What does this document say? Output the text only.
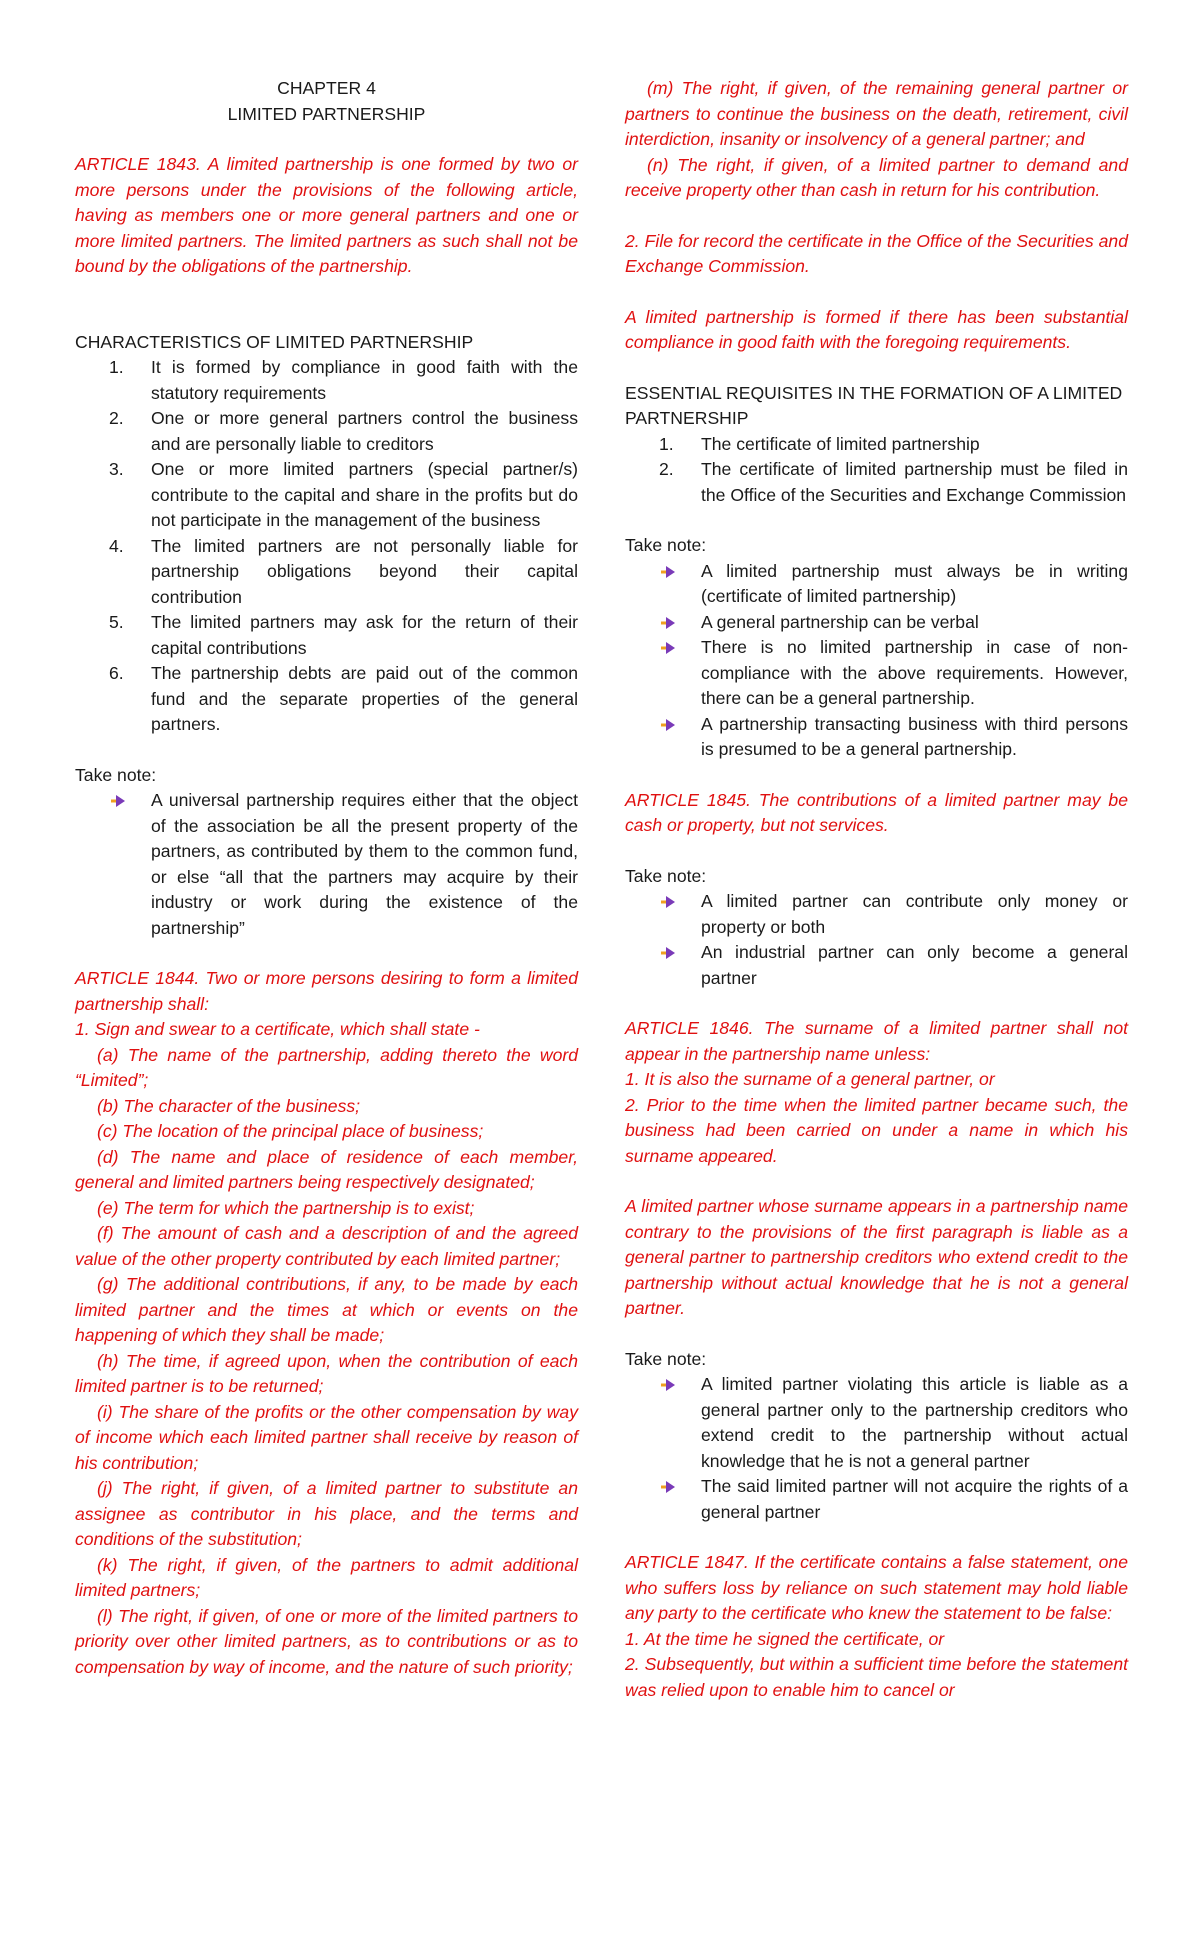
CHAPTER 4

LIMITED PARTNERSHIP

ARTICLE 1843. A limited partnership is one formed by two or more persons under the provisions of the following article, having as members one or more general partners and one or more limited partners. The limited partners as such shall not be bound by the obligations of the partnership.

CHARACTERISTICS OF LIMITED PARTNERSHIP

1. It is formed by compliance in good faith with the statutory requirements
2. One or more general partners control the business and are personally liable to creditors
3. One or more limited partners (special partner/s) contribute to the capital and share in the profits but do not participate in the management of the business
4. The limited partners are not personally liable for partnership obligations beyond their capital contribution
5. The limited partners may ask for the return of their capital contributions
6. The partnership debts are paid out of the common fund and the separate properties of the general partners.

Take note:

A universal partnership requires either that the object of the association be all the present property of the partners, as contributed by them to the common fund, or else “all that the partners may acquire by their industry or work during the existence of the partnership”

ARTICLE 1844. Two or more persons desiring to form a limited partnership shall:

1. Sign and swear to a certificate, which shall state -

(a) The name of the partnership, adding thereto the word “Limited”;

(b) The character of the business;

(c) The location of the principal place of business;

(d) The name and place of residence of each member, general and limited partners being respectively designated;

(e) The term for which the partnership is to exist;

(f) The amount of cash and a description of and the agreed value of the other property contributed by each limited partner;

(g) The additional contributions, if any, to be made by each limited partner and the times at which or events on the happening of which they shall be made;

(h) The time, if agreed upon, when the contribution of each limited partner is to be returned;

(i) The share of the profits or the other compensation by way of income which each limited partner shall receive by reason of his contribution;

(j) The right, if given, of a limited partner to substitute an assignee as contributor in his place, and the terms and conditions of the substitution;

(k) The right, if given, of the partners to admit additional limited partners;

(l) The right, if given, of one or more of the limited partners to priority over other limited partners, as to contributions or as to compensation by way of income, and the nature of such priority;

(m) The right, if given, of the remaining general partner or partners to continue the business on the death, retirement, civil interdiction, insanity or insolvency of a general partner; and

(n) The right, if given, of a limited partner to demand and receive property other than cash in return for his contribution.

2. File for record the certificate in the Office of the Securities and Exchange Commission.

A limited partnership is formed if there has been substantial compliance in good faith with the foregoing requirements.

ESSENTIAL REQUISITES IN THE FORMATION OF A LIMITED PARTNERSHIP

1. The certificate of limited partnership
2. The certificate of limited partnership must be filed in the Office of the Securities and Exchange Commission

Take note:

A limited partnership must always be in writing (certificate of limited partnership)
A general partnership can be verbal
There is no limited partnership in case of non-compliance with the above requirements. However, there can be a general partnership.
A partnership transacting business with third persons is presumed to be a general partnership.

ARTICLE 1845. The contributions of a limited partner may be cash or property, but not services.

Take note:

A limited partner can contribute only money or property or both
An industrial partner can only become a general partner

ARTICLE 1846. The surname of a limited partner shall not appear in the partnership name unless:

1. It is also the surname of a general partner, or

2. Prior to the time when the limited partner became such, the business had been carried on under a name in which his surname appeared.

A limited partner whose surname appears in a partnership name contrary to the provisions of the first paragraph is liable as a general partner to partnership creditors who extend credit to the partnership without actual knowledge that he is not a general partner.

Take note:

A limited partner violating this article is liable as a general partner only to the partnership creditors who extend credit to the partnership without actual knowledge that he is not a general partner
The said limited partner will not acquire the rights of a general partner

ARTICLE 1847. If the certificate contains a false statement, one who suffers loss by reliance on such statement may hold liable any party to the certificate who knew the statement to be false:

1. At the time he signed the certificate, or

2. Subsequently, but within a sufficient time before the statement was relied upon to enable him to cancel or
